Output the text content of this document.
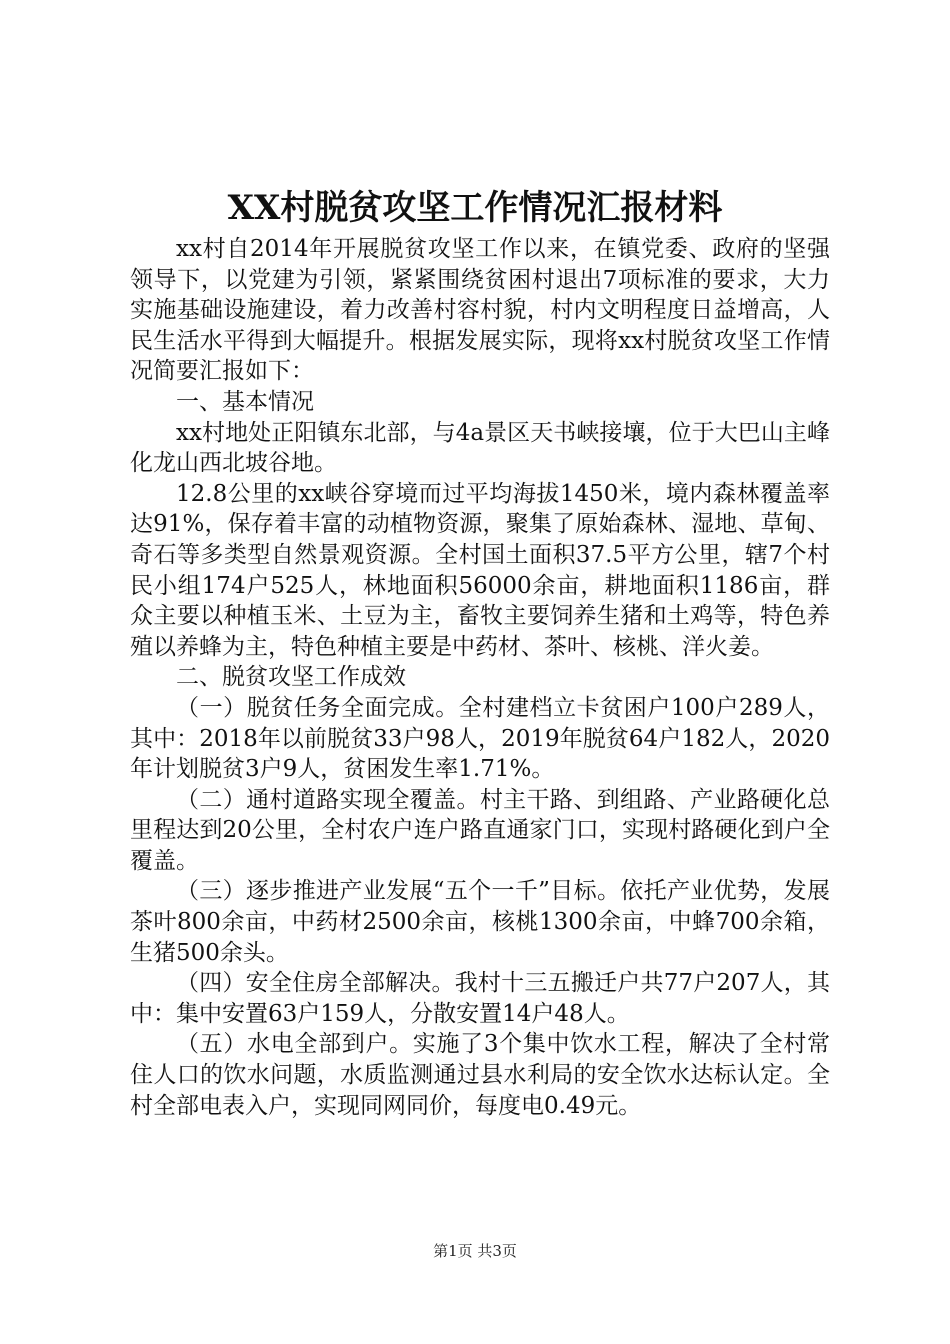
XX村脱贫攻坚工作情况汇报材料

xx村自2014年开展脱贫攻坚工作以来，在镇党委、政府的坚强领导下，以党建为引领，紧紧围绕贫困村退出7项标准的要求，大力实施基础设施建设，着力改善村容村貌，村内文明程度日益增高，人民生活水平得到大幅提升。根据发展实际，现将xx村脱贫攻坚工作情况简要汇报如下：

一、基本情况

xx村地处正阳镇东北部，与4a景区天书峡接壤，位于大巴山主峰化龙山西北坡谷地。

12.8公里的xx峡谷穿境而过平均海拔1450米，境内森林覆盖率达91%，保存着丰富的动植物资源，聚集了原始森林、湿地、草甸、奇石等多类型自然景观资源。全村国土面积37.5平方公里，辖7个村民小组174户525人，林地面积56000余亩，耕地面积1186亩，群众主要以种植玉米、土豆为主，畜牧主要饲养生猪和土鸡等，特色养殖以养蜂为主，特色种植主要是中药材、茶叶、核桃、洋火姜。

二、脱贫攻坚工作成效

（一）脱贫任务全面完成。全村建档立卡贫困户100户289人，其中：2018年以前脱贫33户98人，2019年脱贫64户182人，2020年计划脱贫3户9人，贫困发生率1.71%。

（二）通村道路实现全覆盖。村主干路、到组路、产业路硬化总里程达到20公里，全村农户连户路直通家门口，实现村路硬化到户全覆盖。

（三）逐步推进产业发展“五个一千”目标。依托产业优势，发展茶叶800余亩，中药材2500余亩，核桃1300余亩，中蜂700余箱，生猪500余头。

（四）安全住房全部解决。我村十三五搬迁户共77户207人，其中：集中安置63户159人，分散安置14户48人。

（五）水电全部到户。实施了3个集中饮水工程，解决了全村常住人口的饮水问题，水质监测通过县水利局的安全饮水达标认定。全村全部电表入户，实现同网同价，每度电0.49元。

第1页 共3页
